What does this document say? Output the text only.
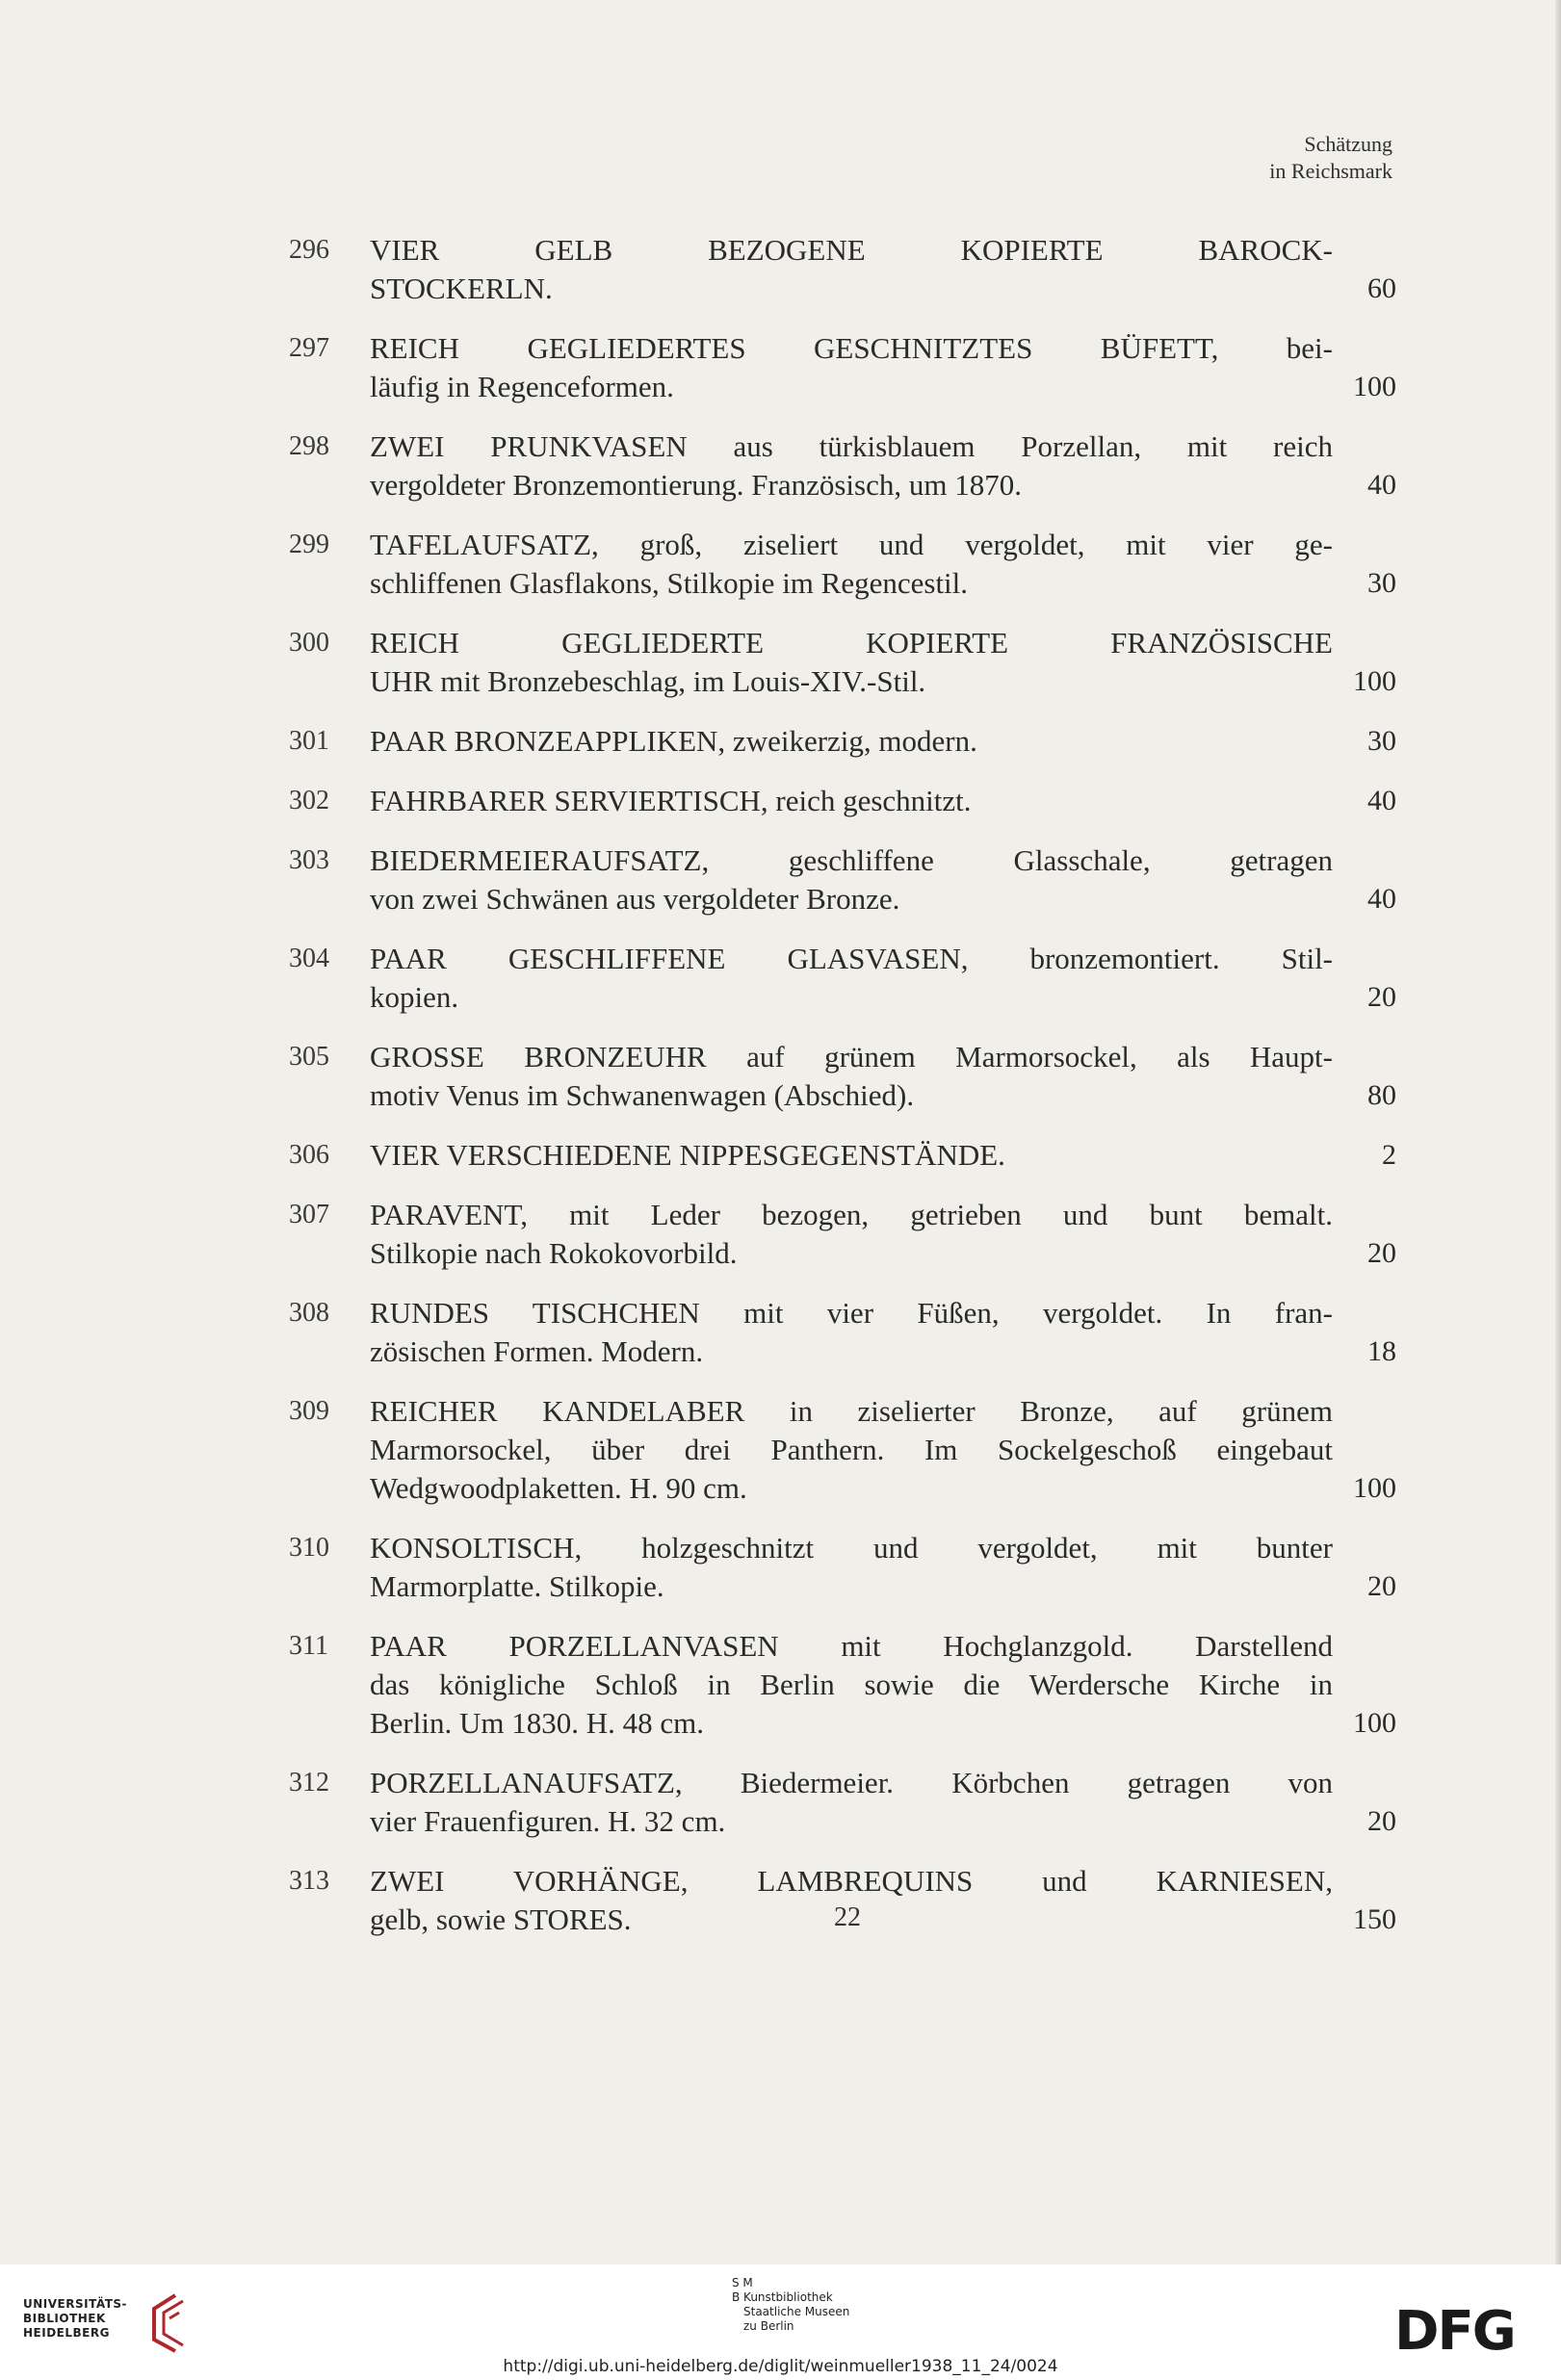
Schätzung
in Reichsmark
296	VIER GELB BEZOGENE KOPIERTE BAROCK-
STOCKERLN.	60
297	REICH GEGLIEDERTES GESCHNITZTES BÜFETT, bei-
läufig in Regenceformen.	100
298	ZWEI PRUNKVASEN aus türkisblauem Porzellan, mit reich
vergoldeter Bronzemontierung. Französisch, um 1870.	40
299	TAFELAUFSATZ, groß, ziseliert und vergoldet, mit vier ge-
schliffenen Glasflakons, Stilkopie im Regencestil.	30
300	REICH GEGLIEDERTE KOPIERTE FRANZÖSISCHE
UHR mit Bronzebeschlag, im Louis-XIV.-Stil.	100
301	PAAR BRONZEAPPLIKEN, zweikerzig, modern.	30
302	FAHRBARER SERVIERTISCH, reich geschnitzt.	40
303	BIEDERMEIERAUFSATZ, geschliffene Glasschale, getragen
von zwei Schwänen aus vergoldeter Bronze.	40
304	PAAR GESCHLIFFENE GLASVASEN, bronzemontiert. Stil-
kopien.	20
305	GROSSE BRONZEUHR auf grünem Marmorsockel, als Haupt-
motiv Venus im Schwanenwagen (Abschied).	80
306	VIER VERSCHIEDENE NIPPESGEGENSTÄNDE.	2
307	PARAVENT, mit Leder bezogen, getrieben und bunt bemalt.
Stilkopie nach Rokokovorbild.	20
308	RUNDES TISCHCHEN mit vier Füßen, vergoldet. In fran-
zösischen Formen. Modern.	18
309	REICHER KANDELABER in ziselierter Bronze, auf grünem
Marmorsockel, über drei Panthern. Im Sockelgeschoß eingebaut
Wedgwoodplaketten. H. 90 cm.	100
310	KONSOLTISCH, holzgeschnitzt und vergoldet, mit bunter
Marmorplatte. Stilkopie.	20
311	PAAR PORZELLANVASEN mit Hochglanzgold. Darstellend
das königliche Schloß in Berlin sowie die Werdersche Kirche in
Berlin. Um 1830. H. 48 cm.	100
312	PORZELLANAUFSATZ, Biedermeier. Körbchen getragen von
vier Frauenfiguren. H. 32 cm.	20
313	ZWEI VORHÄNGE, LAMBREQUINS und KARNIESEN,
gelb, sowie STORES.	150
22
UNIVERSITÄTS-
BIBLIOTHEK
HEIDELBERG
S M
B Kunstbibliothek
Staatliche Museen
zu Berlin	DFG
http://digi.ub.uni-heidelberg.de/diglit/weinmueller1938_11_24/0024
